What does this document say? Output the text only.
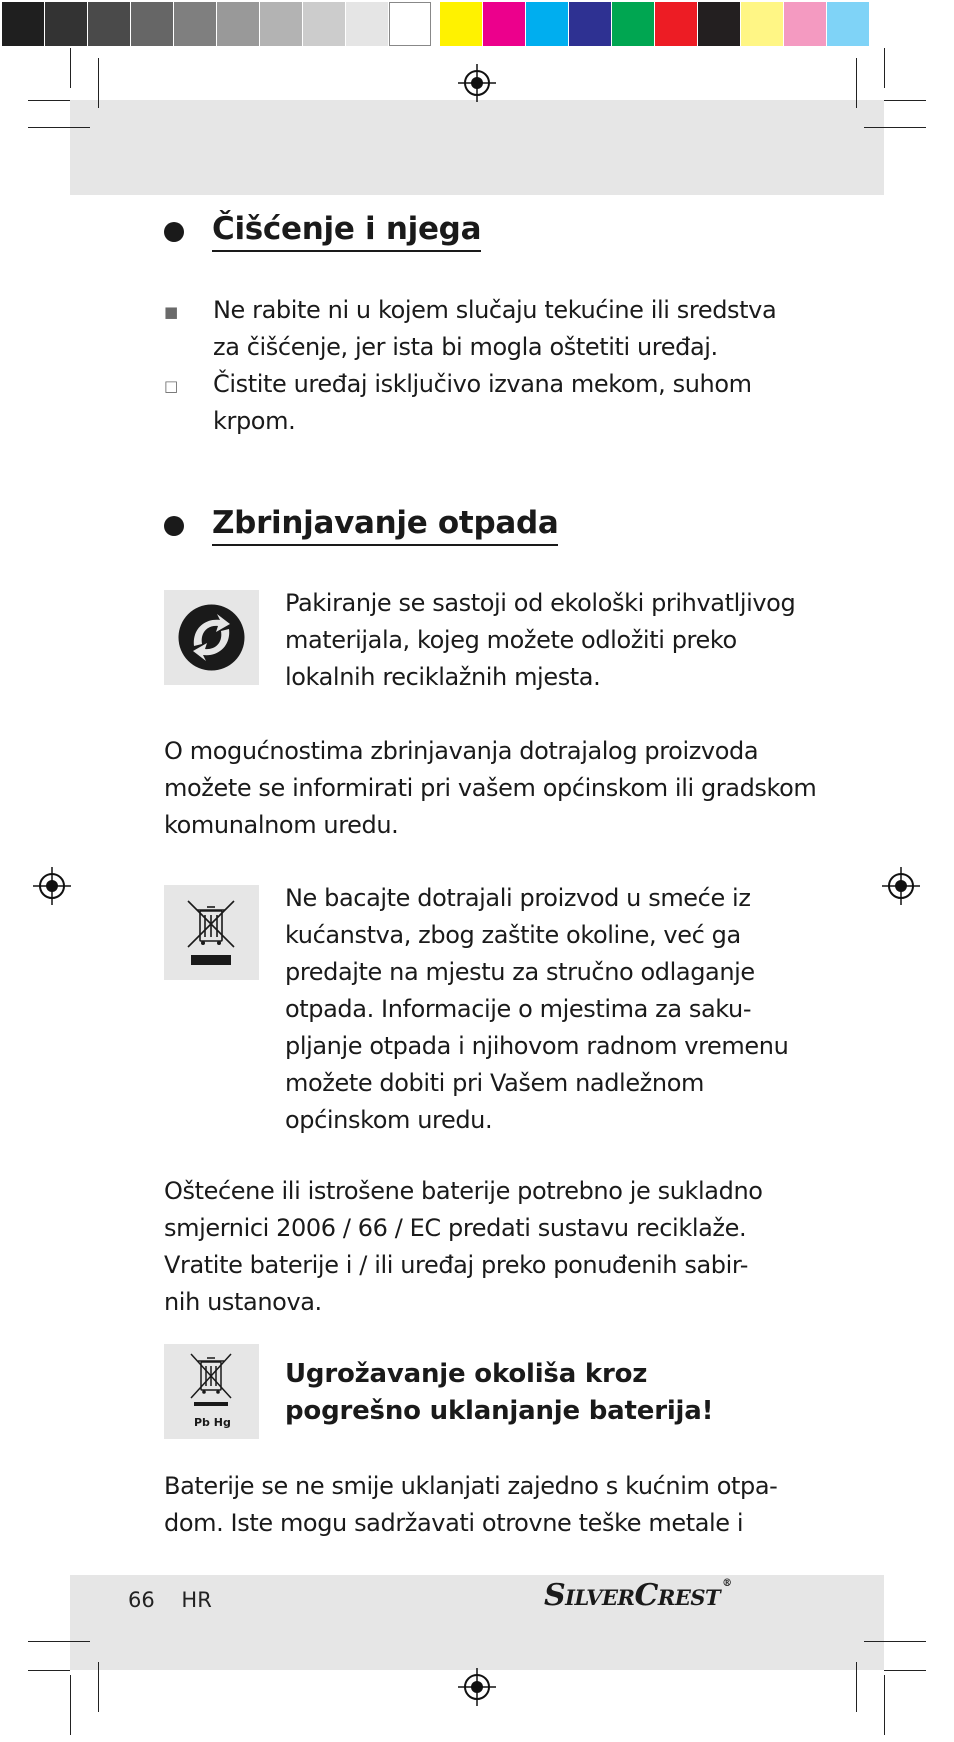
Čišćenje i njega
■ Ne rabite ni u kojem slučaju tekućine ili sredstva
za čišćenje, jer ista bi mogla oštetiti uređaj.

□ Čistite uređaj isključivo izvana mekom, suhom
krpom.

Zbrinjavanje otpada

Pakiranje se sastoji od ekološki prihvatljivog
materijala, kojeg možete odložiti preko
lokalnih reciklažnih mjesta.

O mogućnostima zbrinjavanja dotrajalog proizvoda
možete se informirati pri vašem općinskom ili gradskom
komunalnom uredu.

Ne bacajte dotrajali proizvod u smeće iz
kućanstva, zbog zaštite okoline, već ga
predajte na mjestu za stručno odlaganje
otpada. Informacije o mjestima za saku-
pljanje otpada i njihovom radnom vremenu
možete dobiti pri Vašem nadležnom
općinskom uredu.

Oštećene ili istrošene baterije potrebno je sukladno
smjernici 2006 / 66 / EC predati sustavu reciklaže.
Vratite baterije i / ili uređaj preko ponuđenih sabir-
nih ustanova.

Pb Hg

Ugrožavanje okoliša kroz
pogrešno uklanjanje baterija!

Baterije se ne smije uklanjati zajedno s kućnim otpa-
dom. Iste mogu sadržavati otrovne teške metale i

66 HR	SilverCrest ®
